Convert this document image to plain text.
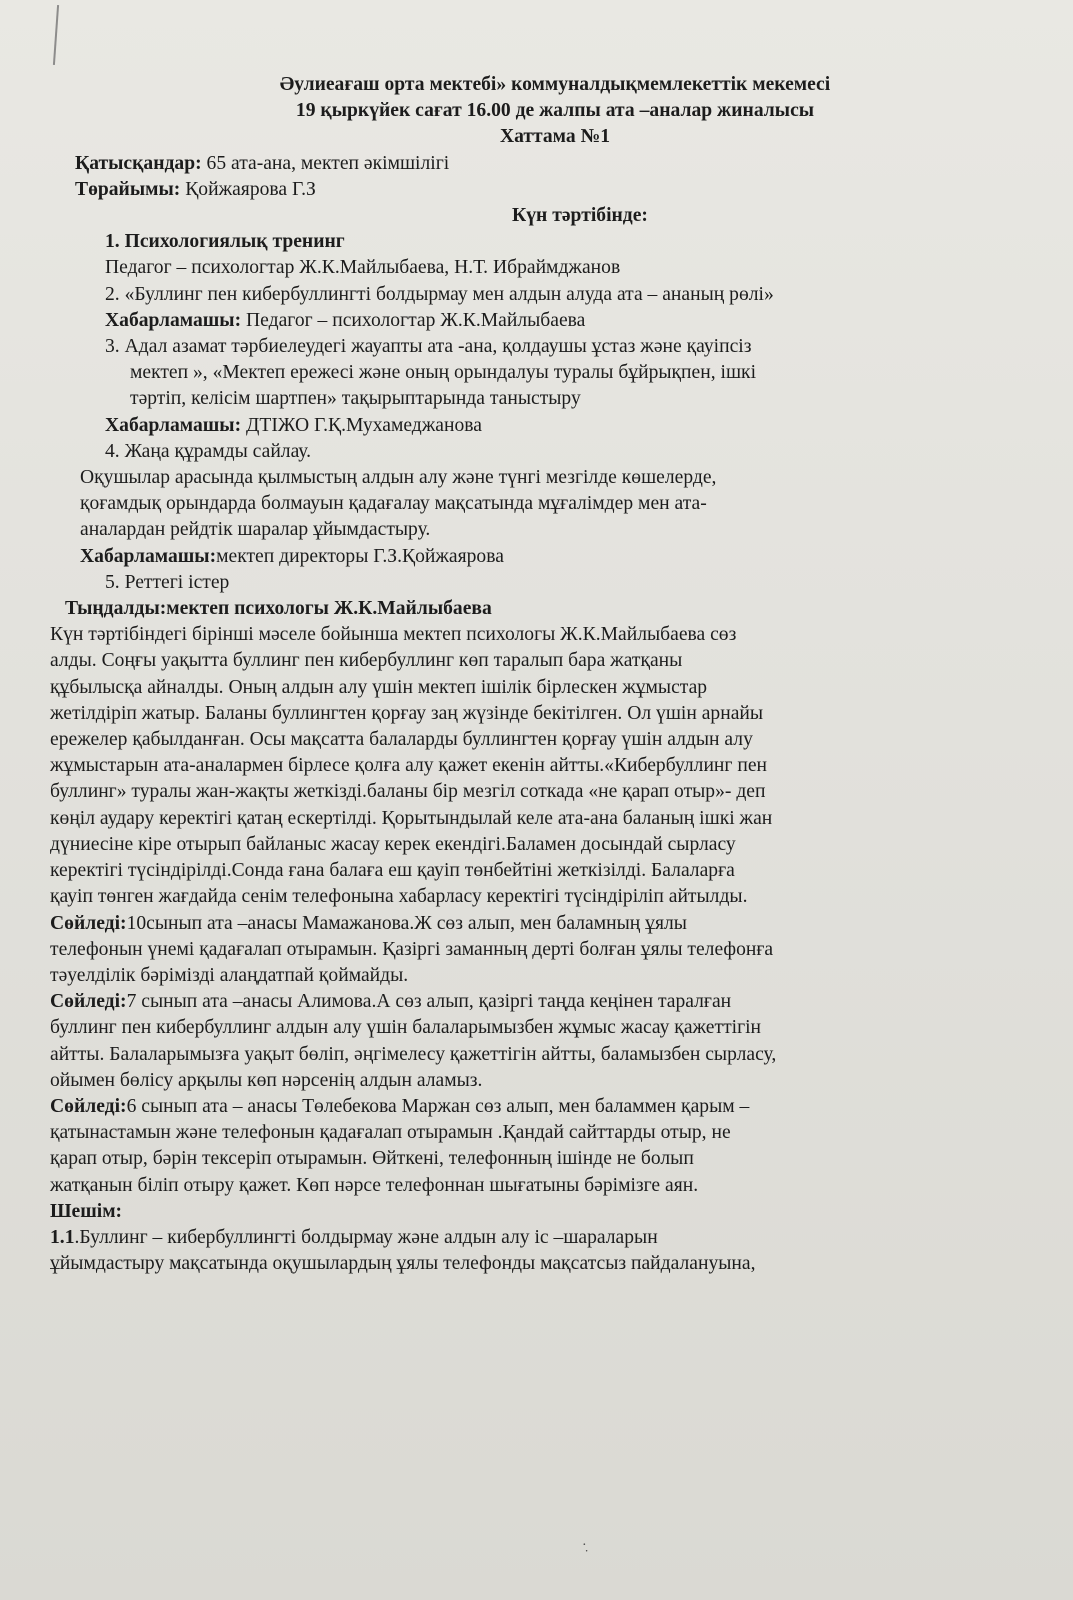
Әулиеағаш орта мектебі» коммуналдықмемлекеттік мекемесі
19 қыркүйек сағат 16.00 де жалпы ата –аналар жиналысы
Хаттама №1
Қатысқандар: 65 ата-ана, мектеп әкімшілігі
Төрайымы: Қойжаярова Г.З
Күн тәртібінде:
1. Психологиялық тренинг
Педагог – психологтар Ж.К.Майлыбаева, Н.Т. Ибраймджанов
2. «Буллинг пен кибербуллингті болдырмау мен алдын алуда ата – ананың рөлі»
Хабарламашы: Педагог – психологтар Ж.К.Майлыбаева
3. Адал азамат тәрбиелеудегі жауапты ата -ана, қолдаушы ұстаз және қауіпсіз
мектеп », «Мектеп ережесі және оның орындалуы туралы бұйрықпен, ішкі
тәртіп, келісім шартпен» тақырыптарында таныстыру
Хабарламашы: ДТІЖО Г.Қ.Мухамеджанова
4. Жаңа құрамды сайлау.
Оқушылар арасында қылмыстың алдын алу және түнгі мезгілде көшелерде,
қоғамдық орындарда болмауын қадағалау мақсатында мұғалімдер мен ата-
аналардан рейдтік шаралар ұйымдастыру.
Хабарламашы:мектеп директоры Г.З.Қойжаярова
5. Реттегі істер
Тыңдалды:мектеп психологы Ж.К.Майлыбаева
Күн тәртібіндегі бірінші мәселе бойынша мектеп психологы Ж.К.Майлыбаева сөз
алды. Соңғы уақытта буллинг пен кибербуллинг көп таралып бара жатқаны
құбылысқа айналды. Оның алдын алу үшін мектеп ішілік бірлескен жұмыстар
жетілдіріп жатыр. Баланы буллингтен қорғау заң жүзінде бекітілген. Ол үшін арнайы
ережелер қабылданған. Осы мақсатта балаларды буллингтен қорғау үшін алдын алу
жұмыстарын ата-аналармен бірлесе қолға алу қажет екенін айтты.«Кибербуллинг пен
буллинг» туралы жан-жақты жеткізді.баланы бір мезгіл соткада «не қарап отыр»- деп
көңіл аудару керектігі қатаң ескертілді. Қорытындылай келе ата-ана баланың ішкі жан
дүниесіне кіре отырып байланыс жасау керек екендігі.Баламен досындай сырласу
керектігі түсіндірілді.Сонда ғана балаға еш қауіп төнбейтіні жеткізілді. Балаларға
қауіп төнген жағдайда сенім телефонына хабарласу керектігі түсіндіріліп айтылды.
Сөйледі:10сынып ата –анасы Мамажанова.Ж сөз алып, мен баламның ұялы
телефонын үнемі қадағалап отырамын. Қазіргі заманның дерті болған ұялы телефонға
тәуелділік бәрімізді алаңдатпай қоймайды.
Сөйледі:7 сынып ата –анасы Алимова.А сөз алып, қазіргі таңда кеңінен таралған
буллинг пен кибербуллинг алдын алу үшін балаларымызбен жұмыс жасау қажеттігін
айтты. Балаларымызға уақыт бөліп, әңгімелесу қажеттігін айтты, баламызбен сырласу,
ойымен бөлісу арқылы көп нәрсенің алдын аламыз.
Сөйледі:6 сынып ата – анасы Төлебекова Маржан сөз алып, мен баламмен қарым –
қатынастамын және телефонын қадағалап отырамын .Қандай сайттарды отыр, не
қарап отыр, бәрін тексеріп отырамын. Өйткені, телефонның ішінде не болып
жатқанын біліп отыру қажет. Көп нәрсе телефоннан шығатыны бәрімізге аян.
Шешім:
1.1.Буллинг – кибербуллингті болдырмау және алдын алу іс –шараларын
ұйымдастыру мақсатында оқушылардың ұялы телефонды мақсатсыз пайдалануына,
·̣
